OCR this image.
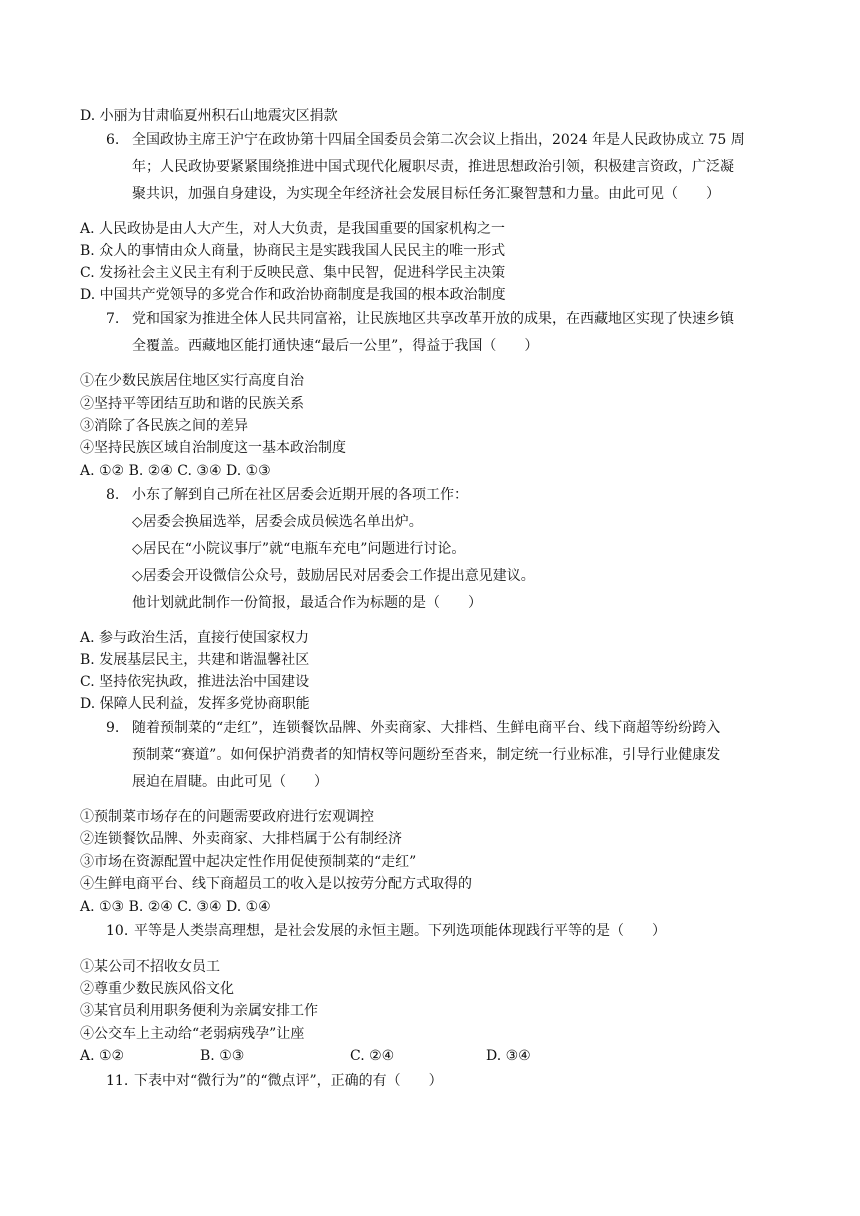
D. 小丽为甘肃临夏州积石山地震灾区捐款
6. 全国政协主席王沪宁在政协第十四届全国委员会第二次会议上指出，2024 年是人民政协成立 75 周
年；人民政协要紧紧围绕推进中国式现代化履职尽责，推进思想政治引领，积极建言资政，广泛凝
聚共识，加强自身建设，为实现全年经济社会发展目标任务汇聚智慧和力量。由此可见（　　）
A. 人民政协是由人大产生，对人大负责，是我国重要的国家机构之一
B. 众人的事情由众人商量，协商民主是实践我国人民民主的唯一形式
C. 发扬社会主义民主有利于反映民意、集中民智，促进科学民主决策
D. 中国共产党领导的多党合作和政治协商制度是我国的根本政治制度
7. 党和国家为推进全体人民共同富裕，让民族地区共享改革开放的成果，在西藏地区实现了快速乡镇
全覆盖。西藏地区能打通快速“最后一公里”，得益于我国（　　）
①在少数民族居住地区实行高度自治
②坚持平等团结互助和谐的民族关系
③消除了各民族之间的差异
④坚持民族区域自治制度这一基本政治制度
A. ①② B. ②④ C. ③④ D. ①③
8. 小东了解到自己所在社区居委会近期开展的各项工作：
◇居委会换届选举，居委会成员候选名单出炉。
◇居民在“小院议事厅”就“电瓶车充电”问题进行讨论。
◇居委会开设微信公众号，鼓励居民对居委会工作提出意见建议。
他计划就此制作一份简报，最适合作为标题的是（　　）
A. 参与政治生活，直接行使国家权力
B. 发展基层民主，共建和谐温馨社区
C. 坚持依宪执政，推进法治中国建设
D. 保障人民利益，发挥多党协商职能
9. 随着预制菜的“走红”，连锁餐饮品牌、外卖商家、大排档、生鲜电商平台、线下商超等纷纷跨入
预制菜“赛道”。如何保护消费者的知情权等问题纷至沓来，制定统一行业标准，引导行业健康发
展迫在眉睫。由此可见（　　）
①预制菜市场存在的问题需要政府进行宏观调控
②连锁餐饮品牌、外卖商家、大排档属于公有制经济
③市场在资源配置中起决定性作用促使预制菜的“走红”
④生鲜电商平台、线下商超员工的收入是以按劳分配方式取得的
A. ①③ B. ②④ C. ③④ D. ①④
10. 平等是人类崇高理想，是社会发展的永恒主题。下列选项能体现践行平等的是（　　）
①某公司不招收女员工
②尊重少数民族风俗文化
③某官员利用职务便利为亲属安排工作
④公交车上主动给“老弱病残孕”让座
A. ①②	B. ①③	C. ②④	D. ③④
11. 下表中对“微行为”的“微点评”，正确的有（　　）
